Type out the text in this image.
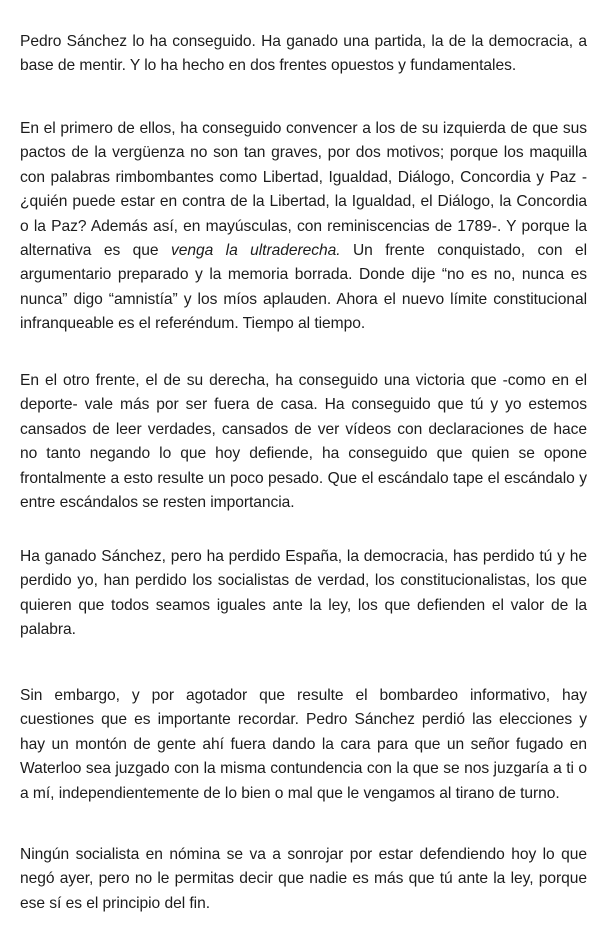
Pedro Sánchez lo ha conseguido. Ha ganado una partida, la de la democracia, a base de mentir. Y lo ha hecho en dos frentes opuestos y fundamentales.

En el primero de ellos, ha conseguido convencer a los de su izquierda de que sus pactos de la vergüenza no son tan graves, por dos motivos; porque los maquilla con palabras rimbombantes como Libertad, Igualdad, Diálogo, Concordia y Paz -¿quién puede estar en contra de la Libertad, la Igualdad, el Diálogo, la Concordia o la Paz? Además así, en mayúsculas, con reminiscencias de 1789-. Y porque la alternativa es que venga la ultraderecha. Un frente conquistado, con el argumentario preparado y la memoria borrada. Donde dije “no es no, nunca es nunca” digo “amnistía” y los míos aplauden. Ahora el nuevo límite constitucional infranqueable es el referéndum. Tiempo al tiempo.

En el otro frente, el de su derecha, ha conseguido una victoria que -como en el deporte- vale más por ser fuera de casa. Ha conseguido que tú y yo estemos cansados de leer verdades, cansados de ver vídeos con declaraciones de hace no tanto negando lo que hoy defiende, ha conseguido que quien se opone frontalmente a esto resulte un poco pesado. Que el escándalo tape el escándalo y entre escándalos se resten importancia.

Ha ganado Sánchez, pero ha perdido España, la democracia, has perdido tú y he perdido yo, han perdido los socialistas de verdad, los constitucionalistas, los que quieren que todos seamos iguales ante la ley, los que defienden el valor de la palabra.

Sin embargo, y por agotador que resulte el bombardeo informativo, hay cuestiones que es importante recordar. Pedro Sánchez perdió las elecciones y hay un montón de gente ahí fuera dando la cara para que un señor fugado en Waterloo sea juzgado con la misma contundencia con la que se nos juzgaría a ti o a mí, independientemente de lo bien o mal que le vengamos al tirano de turno.

Ningún socialista en nómina se va a sonrojar por estar defendiendo hoy lo que negó ayer, pero no le permitas decir que nadie es más que tú ante la ley, porque ese sí es el principio del fin.
